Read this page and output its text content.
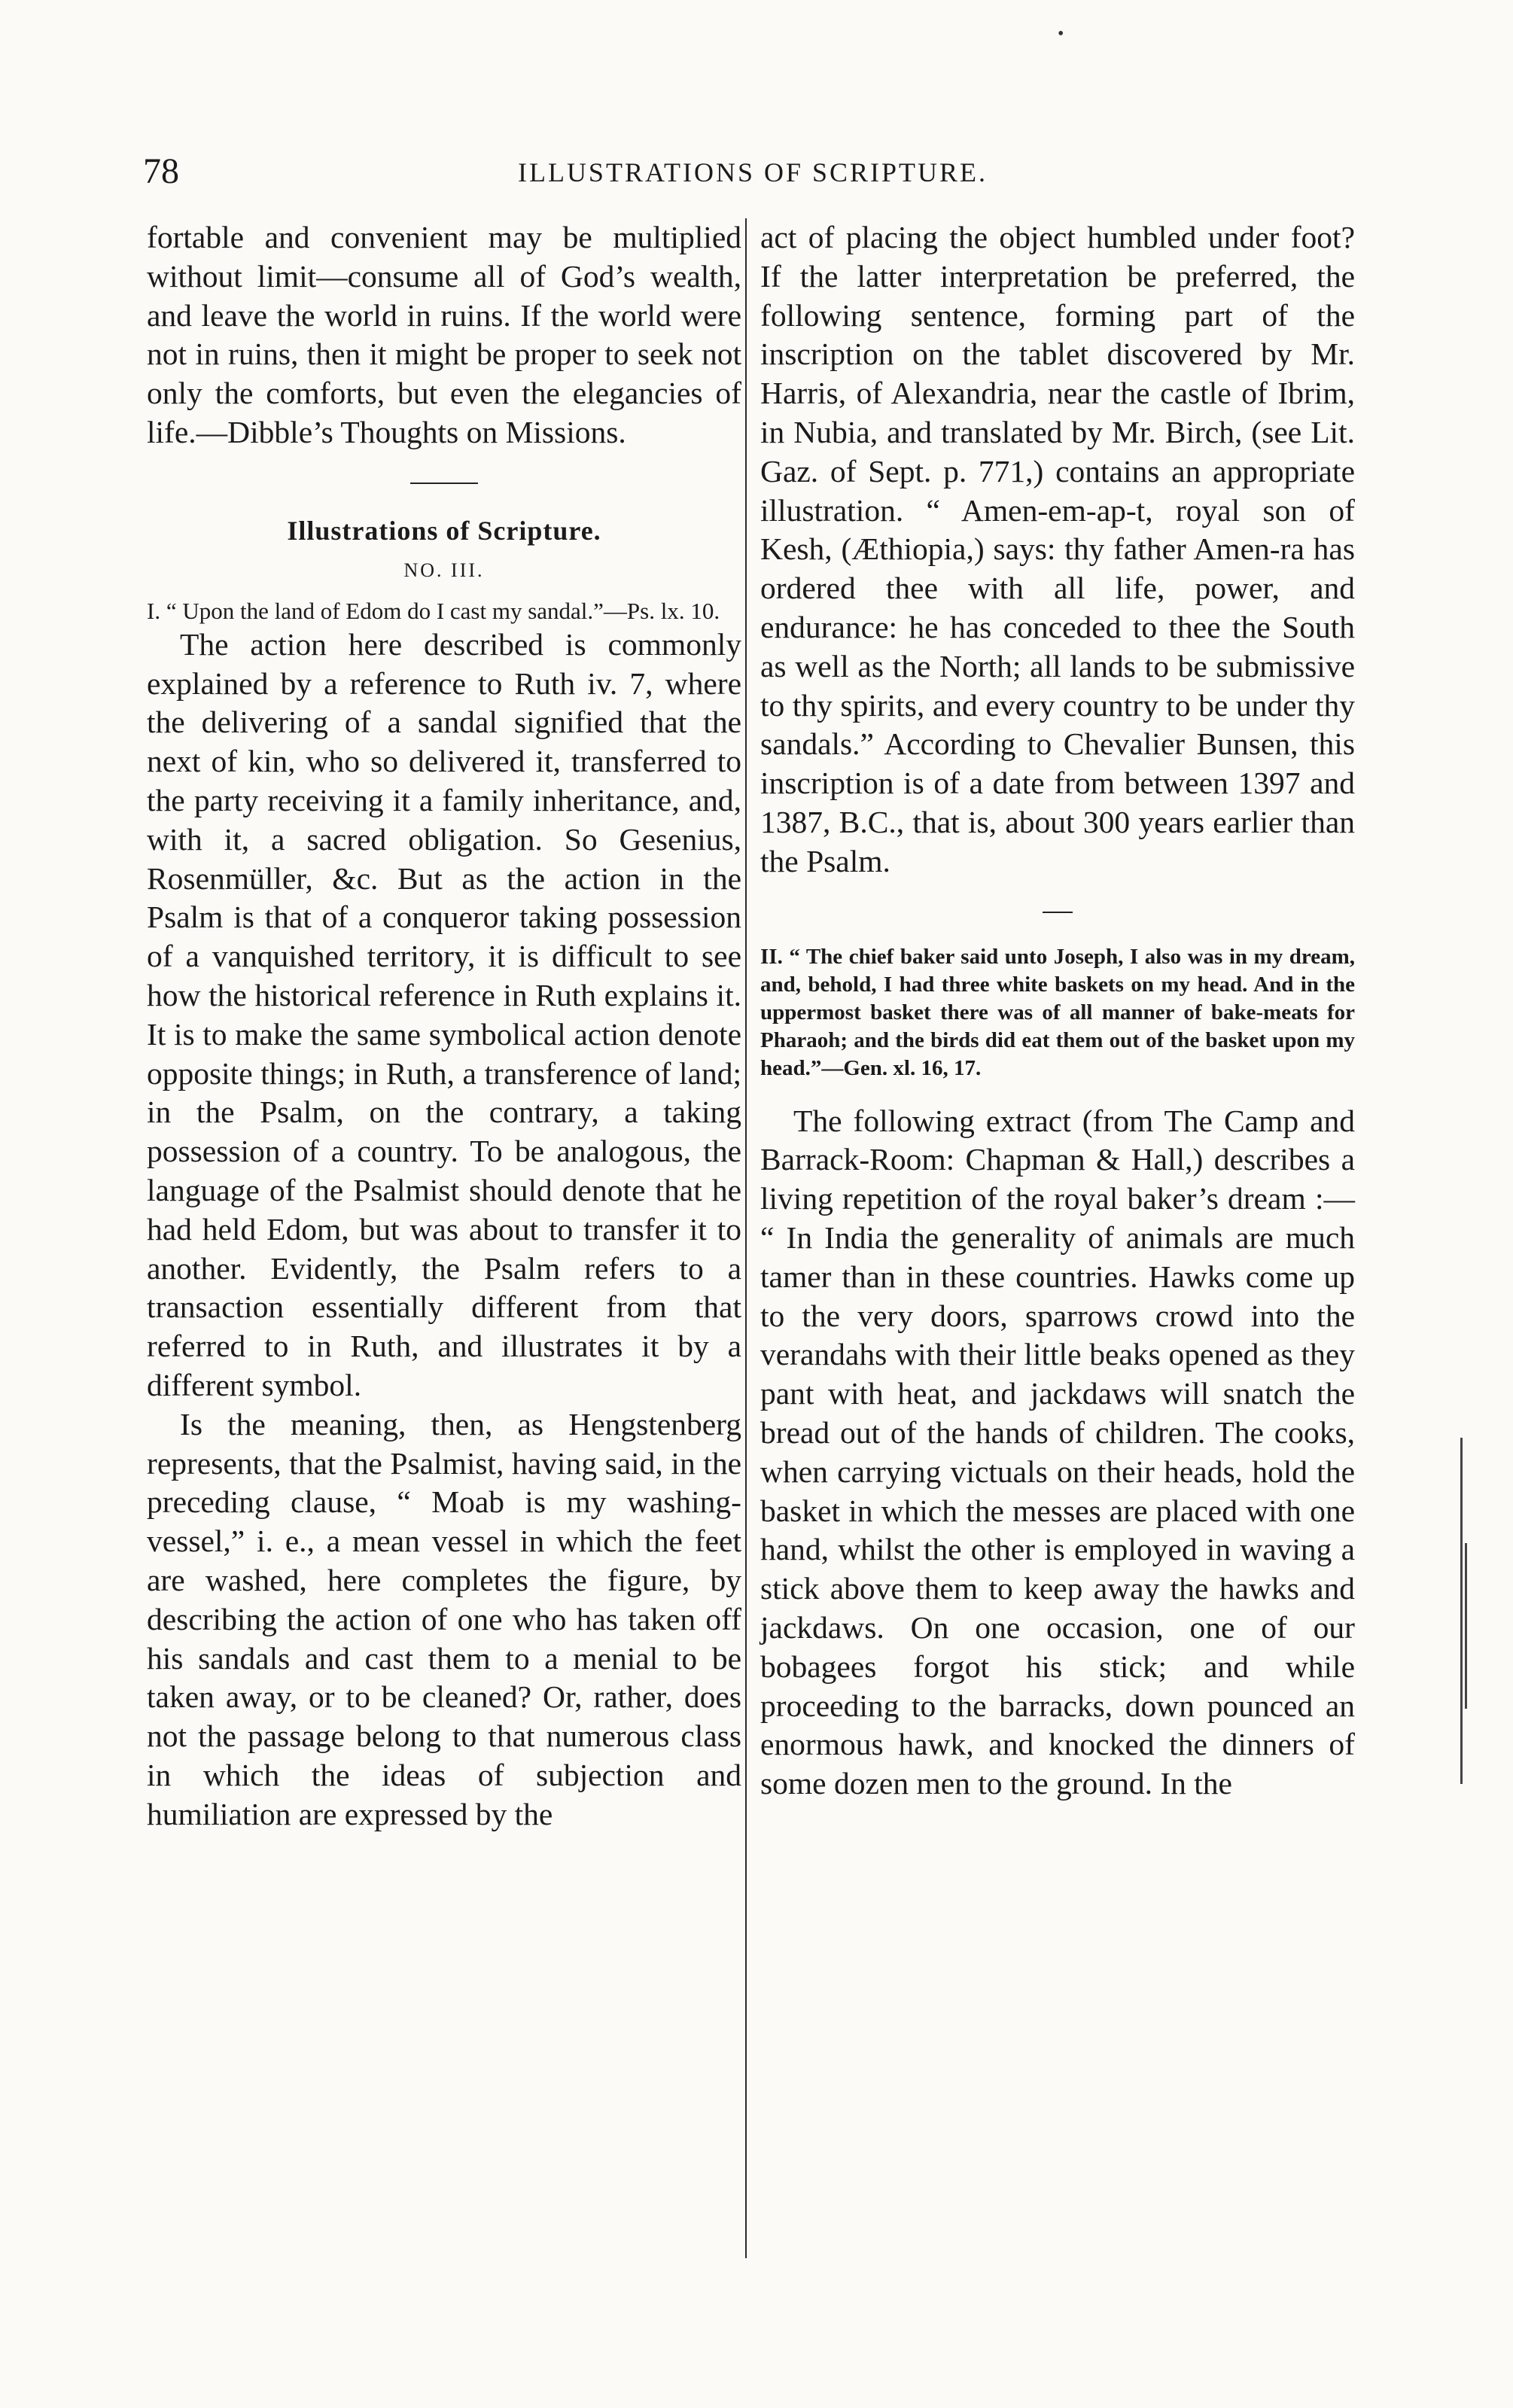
•
78	ILLUSTRATIONS OF SCRIPTURE.

fortable and convenient may be multiplied without limit—consume all of God’s wealth, and leave the world in ruins. If the world were not in ruins, then it might be proper to seek not only the comforts, but even the elegancies of life.—Dibble’s Thoughts on Missions.

Illustrations of Scripture.
NO. III.

I. “ Upon the land of Edom do I cast my sandal.”—Ps. lx. 10.

The action here described is commonly explained by a reference to Ruth iv. 7, where the delivering of a sandal signified that the next of kin, who so delivered it, transferred to the party receiving it a family inheritance, and, with it, a sacred obligation. So Gesenius, Rosenmüller, &c. But as the action in the Psalm is that of a conqueror taking possession of a vanquished territory, it is difficult to see how the historical reference in Ruth explains it. It is to make the same symbolical action denote opposite things; in Ruth, a transference of land; in the Psalm, on the contrary, a taking possession of a country. To be analogous, the language of the Psalmist should denote that he had held Edom, but was about to transfer it to another. Evidently, the Psalm refers to a transaction essentially different from that referred to in Ruth, and illustrates it by a different symbol.

Is the meaning, then, as Hengstenberg represents, that the Psalmist, having said, in the preceding clause, “ Moab is my washing-vessel,” i. e., a mean vessel in which the feet are washed, here completes the figure, by describing the action of one who has taken off his sandals and cast them to a menial to be taken away, or to be cleaned? Or, rather, does not the passage belong to that numerous class in which the ideas of subjection and humiliation are expressed by the

act of placing the object humbled under foot? If the latter interpretation be preferred, the following sentence, forming part of the inscription on the tablet discovered by Mr. Harris, of Alexandria, near the castle of Ibrim, in Nubia, and translated by Mr. Birch, (see Lit. Gaz. of Sept. p. 771,) contains an appropriate illustration. “ Amen-em-ap-t, royal son of Kesh, (Æthiopia,) says: thy father Amen-ra has ordered thee with all life, power, and endurance: he has conceded to thee the South as well as the North; all lands to be submissive to thy spirits, and every country to be under thy sandals.” According to Chevalier Bunsen, this inscription is of a date from between 1397 and 1387, B.C., that is, about 300 years earlier than the Psalm.

II. “ The chief baker said unto Joseph, I also was in my dream, and, behold, I had three white baskets on my head. And in the uppermost basket there was of all manner of bake-meats for Pharaoh; and the birds did eat them out of the basket upon my head.”—Gen. xl. 16, 17.

The following extract (from The Camp and Barrack-Room: Chapman & Hall,) describes a living repetition of the royal baker’s dream :— “ In India the generality of animals are much tamer than in these countries. Hawks come up to the very doors, sparrows crowd into the verandahs with their little beaks opened as they pant with heat, and jackdaws will snatch the bread out of the hands of children. The cooks, when carrying victuals on their heads, hold the basket in which the messes are placed with one hand, whilst the other is employed in waving a stick above them to keep away the hawks and jackdaws. On one occasion, one of our bobagees forgot his stick; and while proceeding to the barracks, down pounced an enormous hawk, and knocked the dinners of some dozen men to the ground. In the
